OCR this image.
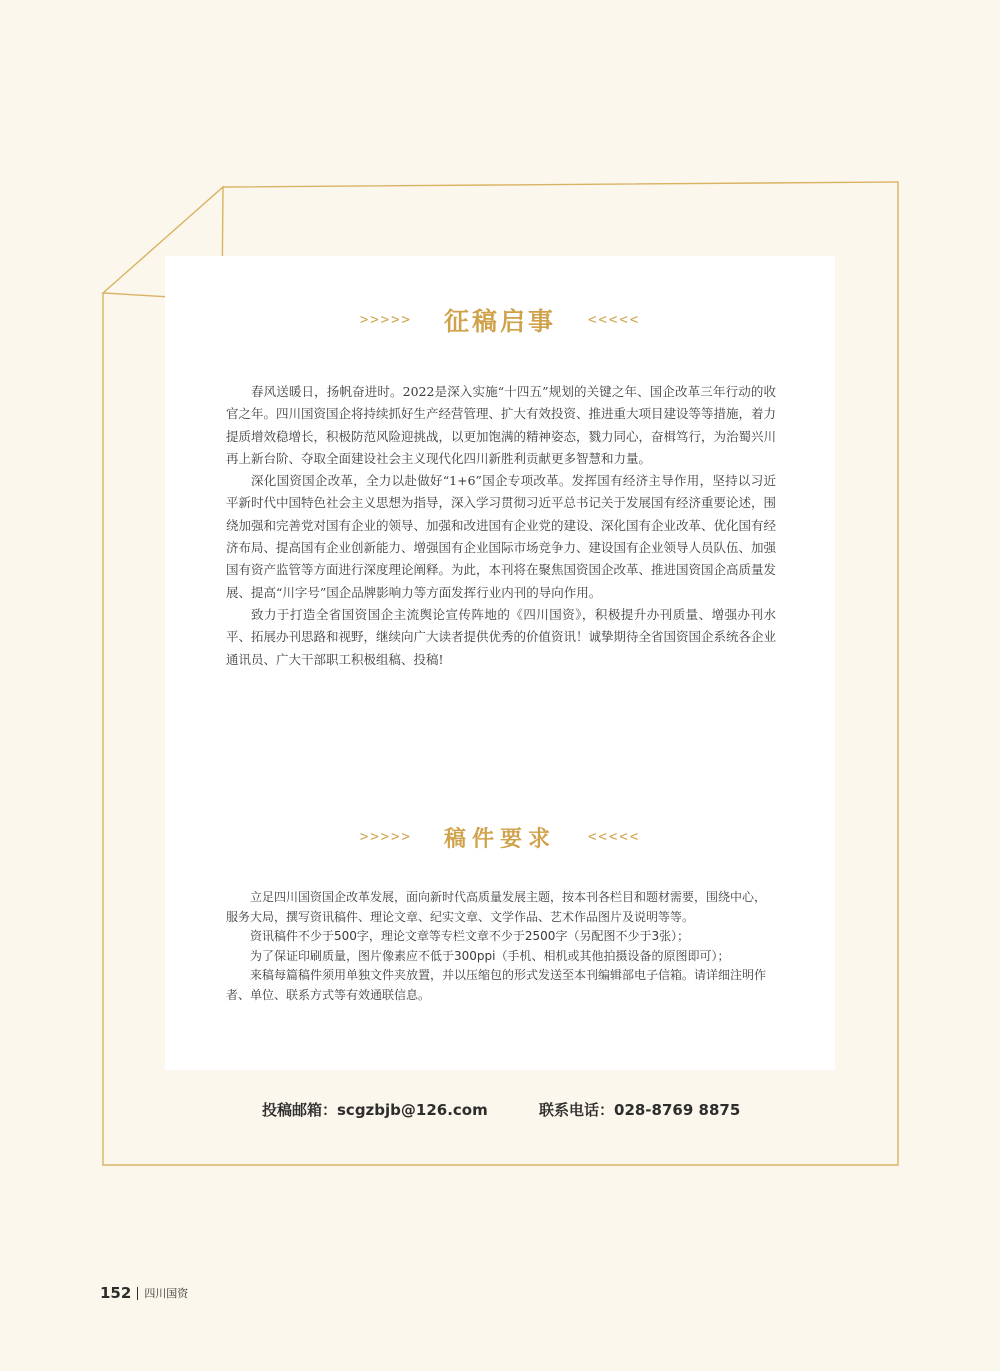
>>>>> 征稿启事 <<<<<

春风送暖日，扬帆奋进时。2022是深入实施“十四五”规划的关键之年、国企改革三年行动的收官之年。四川国资国企将持续抓好生产经营管理、扩大有效投资、推进重大项目建设等等措施，着力提质增效稳增长，积极防范风险迎挑战，以更加饱满的精神姿态，戮力同心，奋楫笃行，为治蜀兴川再上新台阶、夺取全面建设社会主义现代化四川新胜利贡献更多智慧和力量。

深化国资国企改革，全力以赴做好“1+6”国企专项改革。发挥国有经济主导作用，坚持以习近平新时代中国特色社会主义思想为指导，深入学习贯彻习近平总书记关于发展国有经济重要论述，围绕加强和完善党对国有企业的领导、加强和改进国有企业党的建设、深化国有企业改革、优化国有经济布局、提高国有企业创新能力、增强国有企业国际市场竞争力、建设国有企业领导人员队伍、加强国有资产监管等方面进行深度理论阐释。为此，本刊将在聚焦国资国企改革、推进国资国企高质量发展、提高“川字号”国企品牌影响力等方面发挥行业内刊的导向作用。

致力于打造全省国资国企主流舆论宣传阵地的《四川国资》，积极提升办刊质量、增强办刊水平、拓展办刊思路和视野，继续向广大读者提供优秀的价值资讯！诚挚期待全省国资国企系统各企业通讯员、广大干部职工积极组稿、投稿!

>>>>> 稿件要求 <<<<<

立足四川国资国企改革发展，面向新时代高质量发展主题，按本刊各栏目和题材需要，围绕中心，服务大局，撰写资讯稿件、理论文章、纪实文章、文学作品、艺术作品图片及说明等等。

资讯稿件不少于500字，理论文章等专栏文章不少于2500字（另配图不少于3张）；

为了保证印刷质量，图片像素应不低于300ppi（手机、相机或其他拍摄设备的原图即可）；

来稿每篇稿件须用单独文件夹放置，并以压缩包的形式发送至本刊编辑部电子信箱。请详细注明作者、单位、联系方式等有效通联信息。

投稿邮箱：scgzbjb@126.com	联系电话：028-8769 8875
152 四川国资
